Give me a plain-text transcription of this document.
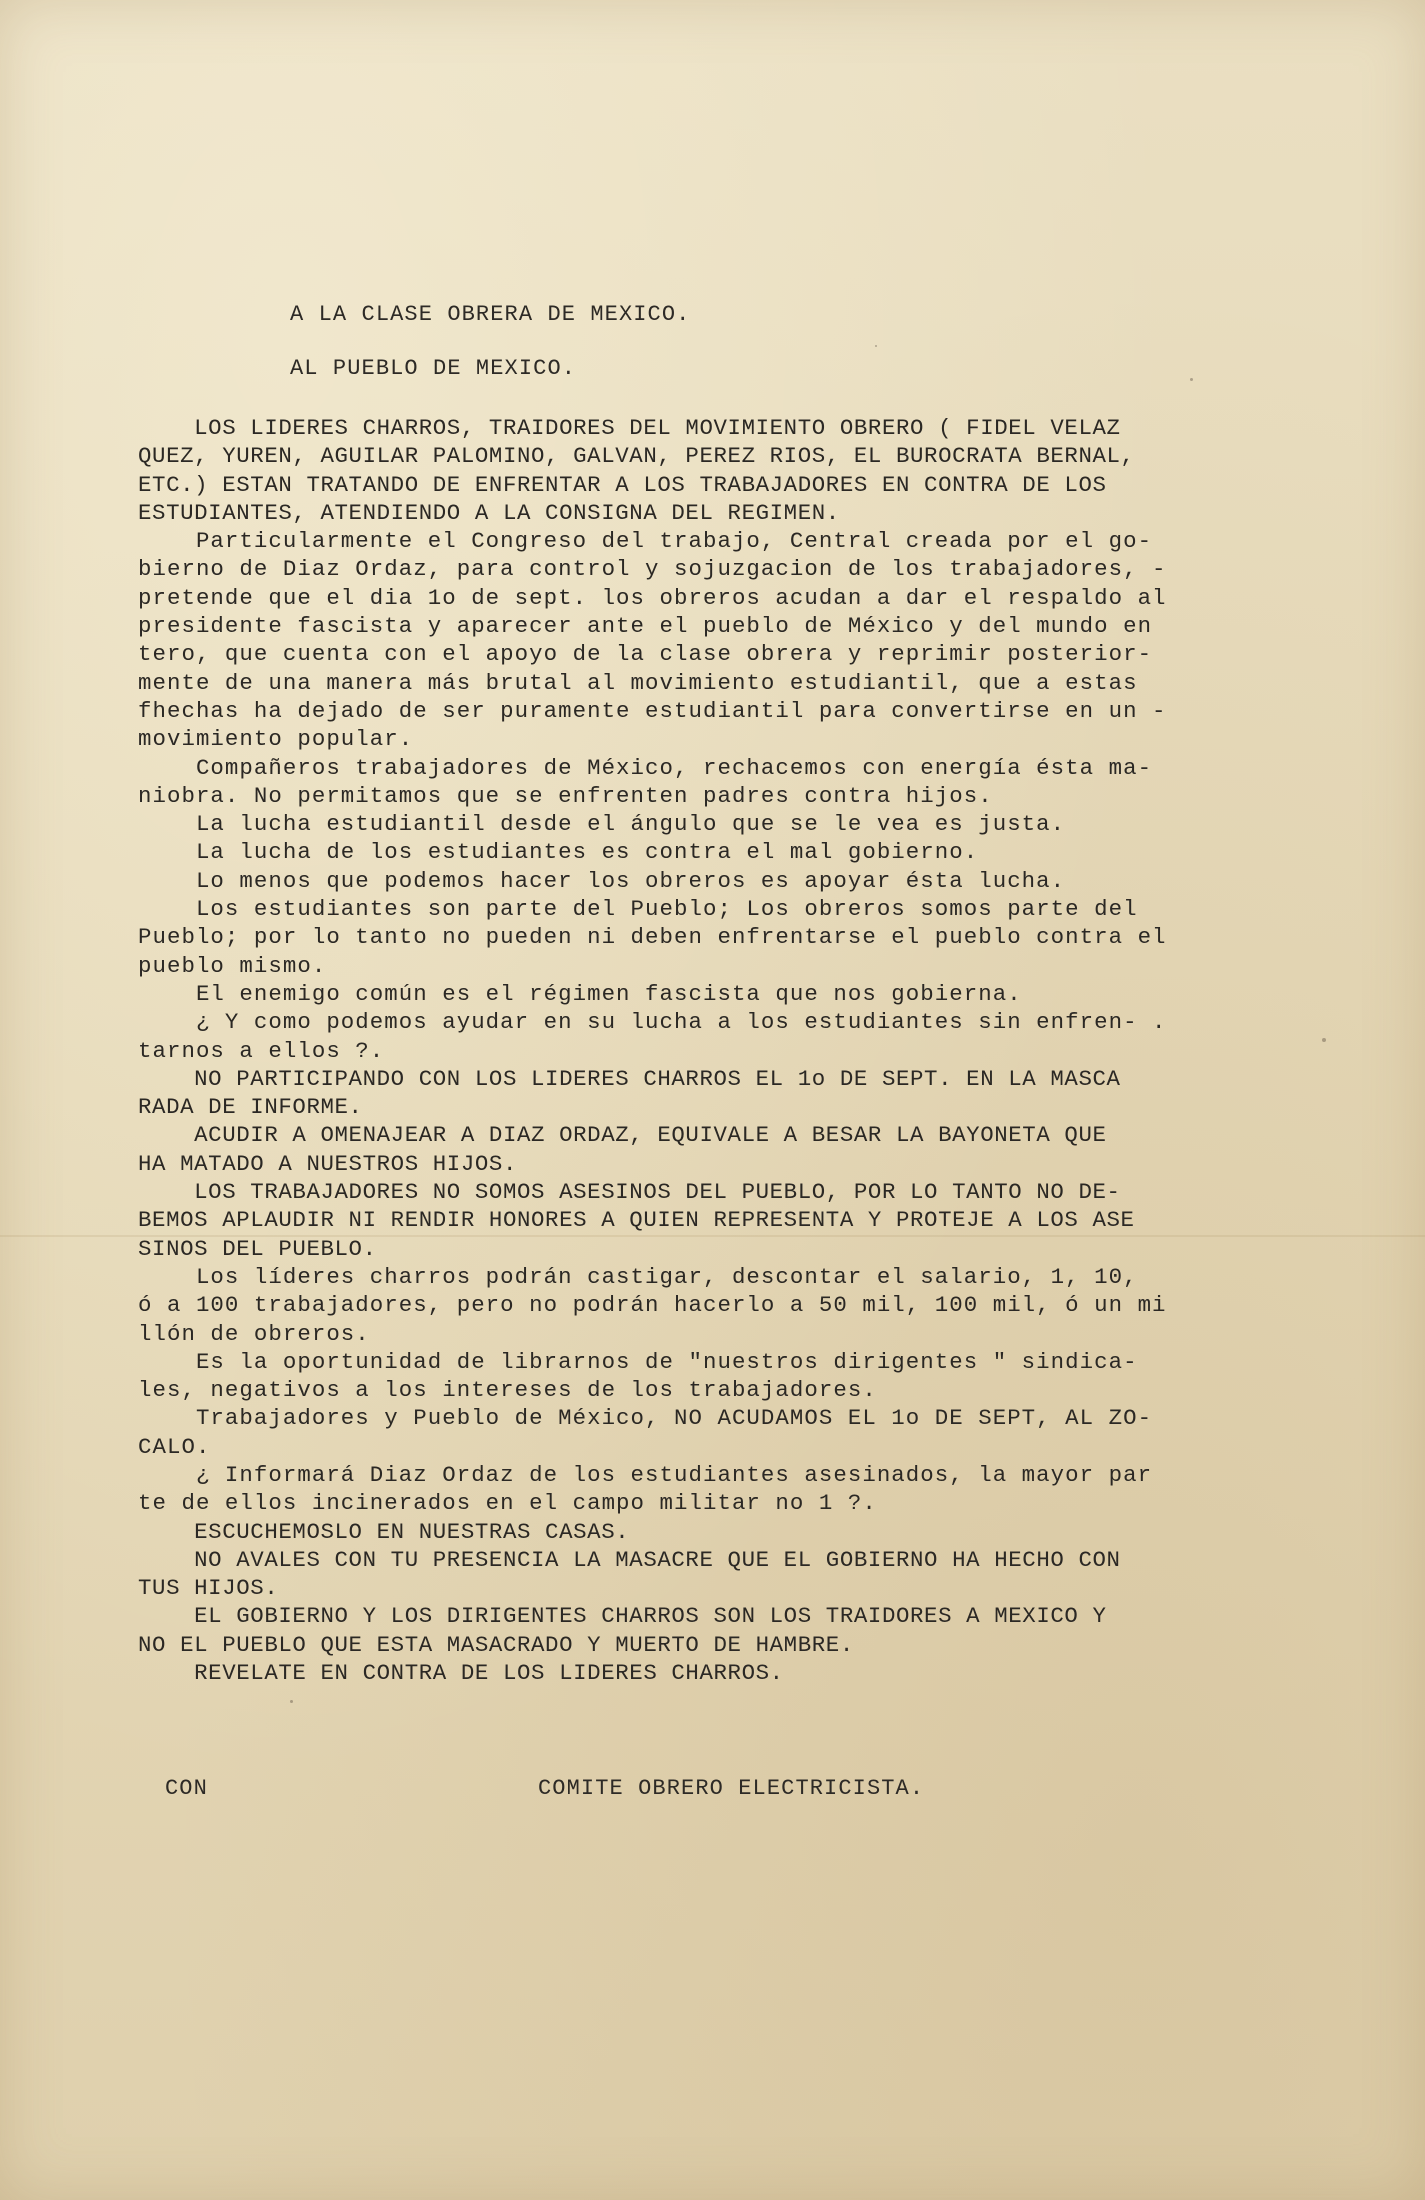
A LA CLASE OBRERA DE MEXICO.
AL PUEBLO DE MEXICO.
LOS LIDERES CHARROS, TRAIDORES DEL MOVIMIENTO OBRERO ( FIDEL VELAZ
QUEZ, YUREN, AGUILAR PALOMINO, GALVAN, PEREZ RIOS, EL BUROCRATA BERNAL,
ETC.) ESTAN TRATANDO DE ENFRENTAR A LOS TRABAJADORES EN CONTRA DE LOS
ESTUDIANTES, ATENDIENDO A LA CONSIGNA DEL REGIMEN.
Particularmente el Congreso del trabajo, Central creada por el go-
bierno de Diaz Ordaz, para control y sojuzgacion de los trabajadores, -
pretende que el dia 1o de sept. los obreros acudan a dar el respaldo al
presidente fascista y aparecer ante el pueblo de México y del mundo en
tero, que cuenta con el apoyo de la clase obrera y reprimir posterior-
mente de una manera más brutal al movimiento estudiantil, que a estas
fhechas ha dejado de ser puramente estudiantil para convertirse en un -
movimiento popular.
Compañeros trabajadores de México, rechacemos con energía ésta ma-
niobra. No permitamos que se enfrenten padres contra hijos.
La lucha estudiantil desde el ángulo que se le vea es justa.
La lucha de los estudiantes es contra el mal gobierno.
Lo menos que podemos hacer los obreros es apoyar ésta lucha.
Los estudiantes son parte del Pueblo; Los obreros somos parte del
Pueblo; por lo tanto no pueden ni deben enfrentarse el pueblo contra el
pueblo mismo.
El enemigo común es el régimen fascista que nos gobierna.
¿ Y como podemos ayudar en su lucha a los estudiantes sin enfren- .
tarnos a ellos ?.
NO PARTICIPANDO CON LOS LIDERES CHARROS EL 1o DE SEPT. EN LA MASCA
RADA DE INFORME.
ACUDIR A OMENAJEAR A DIAZ ORDAZ, EQUIVALE A BESAR LA BAYONETA QUE
HA MATADO A NUESTROS HIJOS.
LOS TRABAJADORES NO SOMOS ASESINOS DEL PUEBLO, POR LO TANTO NO DE-
BEMOS APLAUDIR NI RENDIR HONORES A QUIEN REPRESENTA Y PROTEJE A LOS ASE
SINOS DEL PUEBLO.
Los líderes charros podrán castigar, descontar el salario, 1, 10,
ó a 100 trabajadores, pero no podrán hacerlo a 50 mil, 100 mil, ó un mi
llón de obreros.
Es la oportunidad de librarnos de "nuestros dirigentes " sindica-
les, negativos a los intereses de los trabajadores.
Trabajadores y Pueblo de México, NO ACUDAMOS EL 1o DE SEPT, AL ZO-
CALO.
¿ Informará Diaz Ordaz de los estudiantes asesinados, la mayor par
te de ellos incinerados en el campo militar no 1 ?.
ESCUCHEMOSLO EN NUESTRAS CASAS.
NO AVALES CON TU PRESENCIA LA MASACRE QUE EL GOBIERNO HA HECHO CON
TUS HIJOS.
EL GOBIERNO Y LOS DIRIGENTES CHARROS SON LOS TRAIDORES A MEXICO Y
NO EL PUEBLO QUE ESTA MASACRADO Y MUERTO DE HAMBRE.
REVELATE EN CONTRA DE LOS LIDERES CHARROS.
CON	COMITE OBRERO ELECTRICISTA.
